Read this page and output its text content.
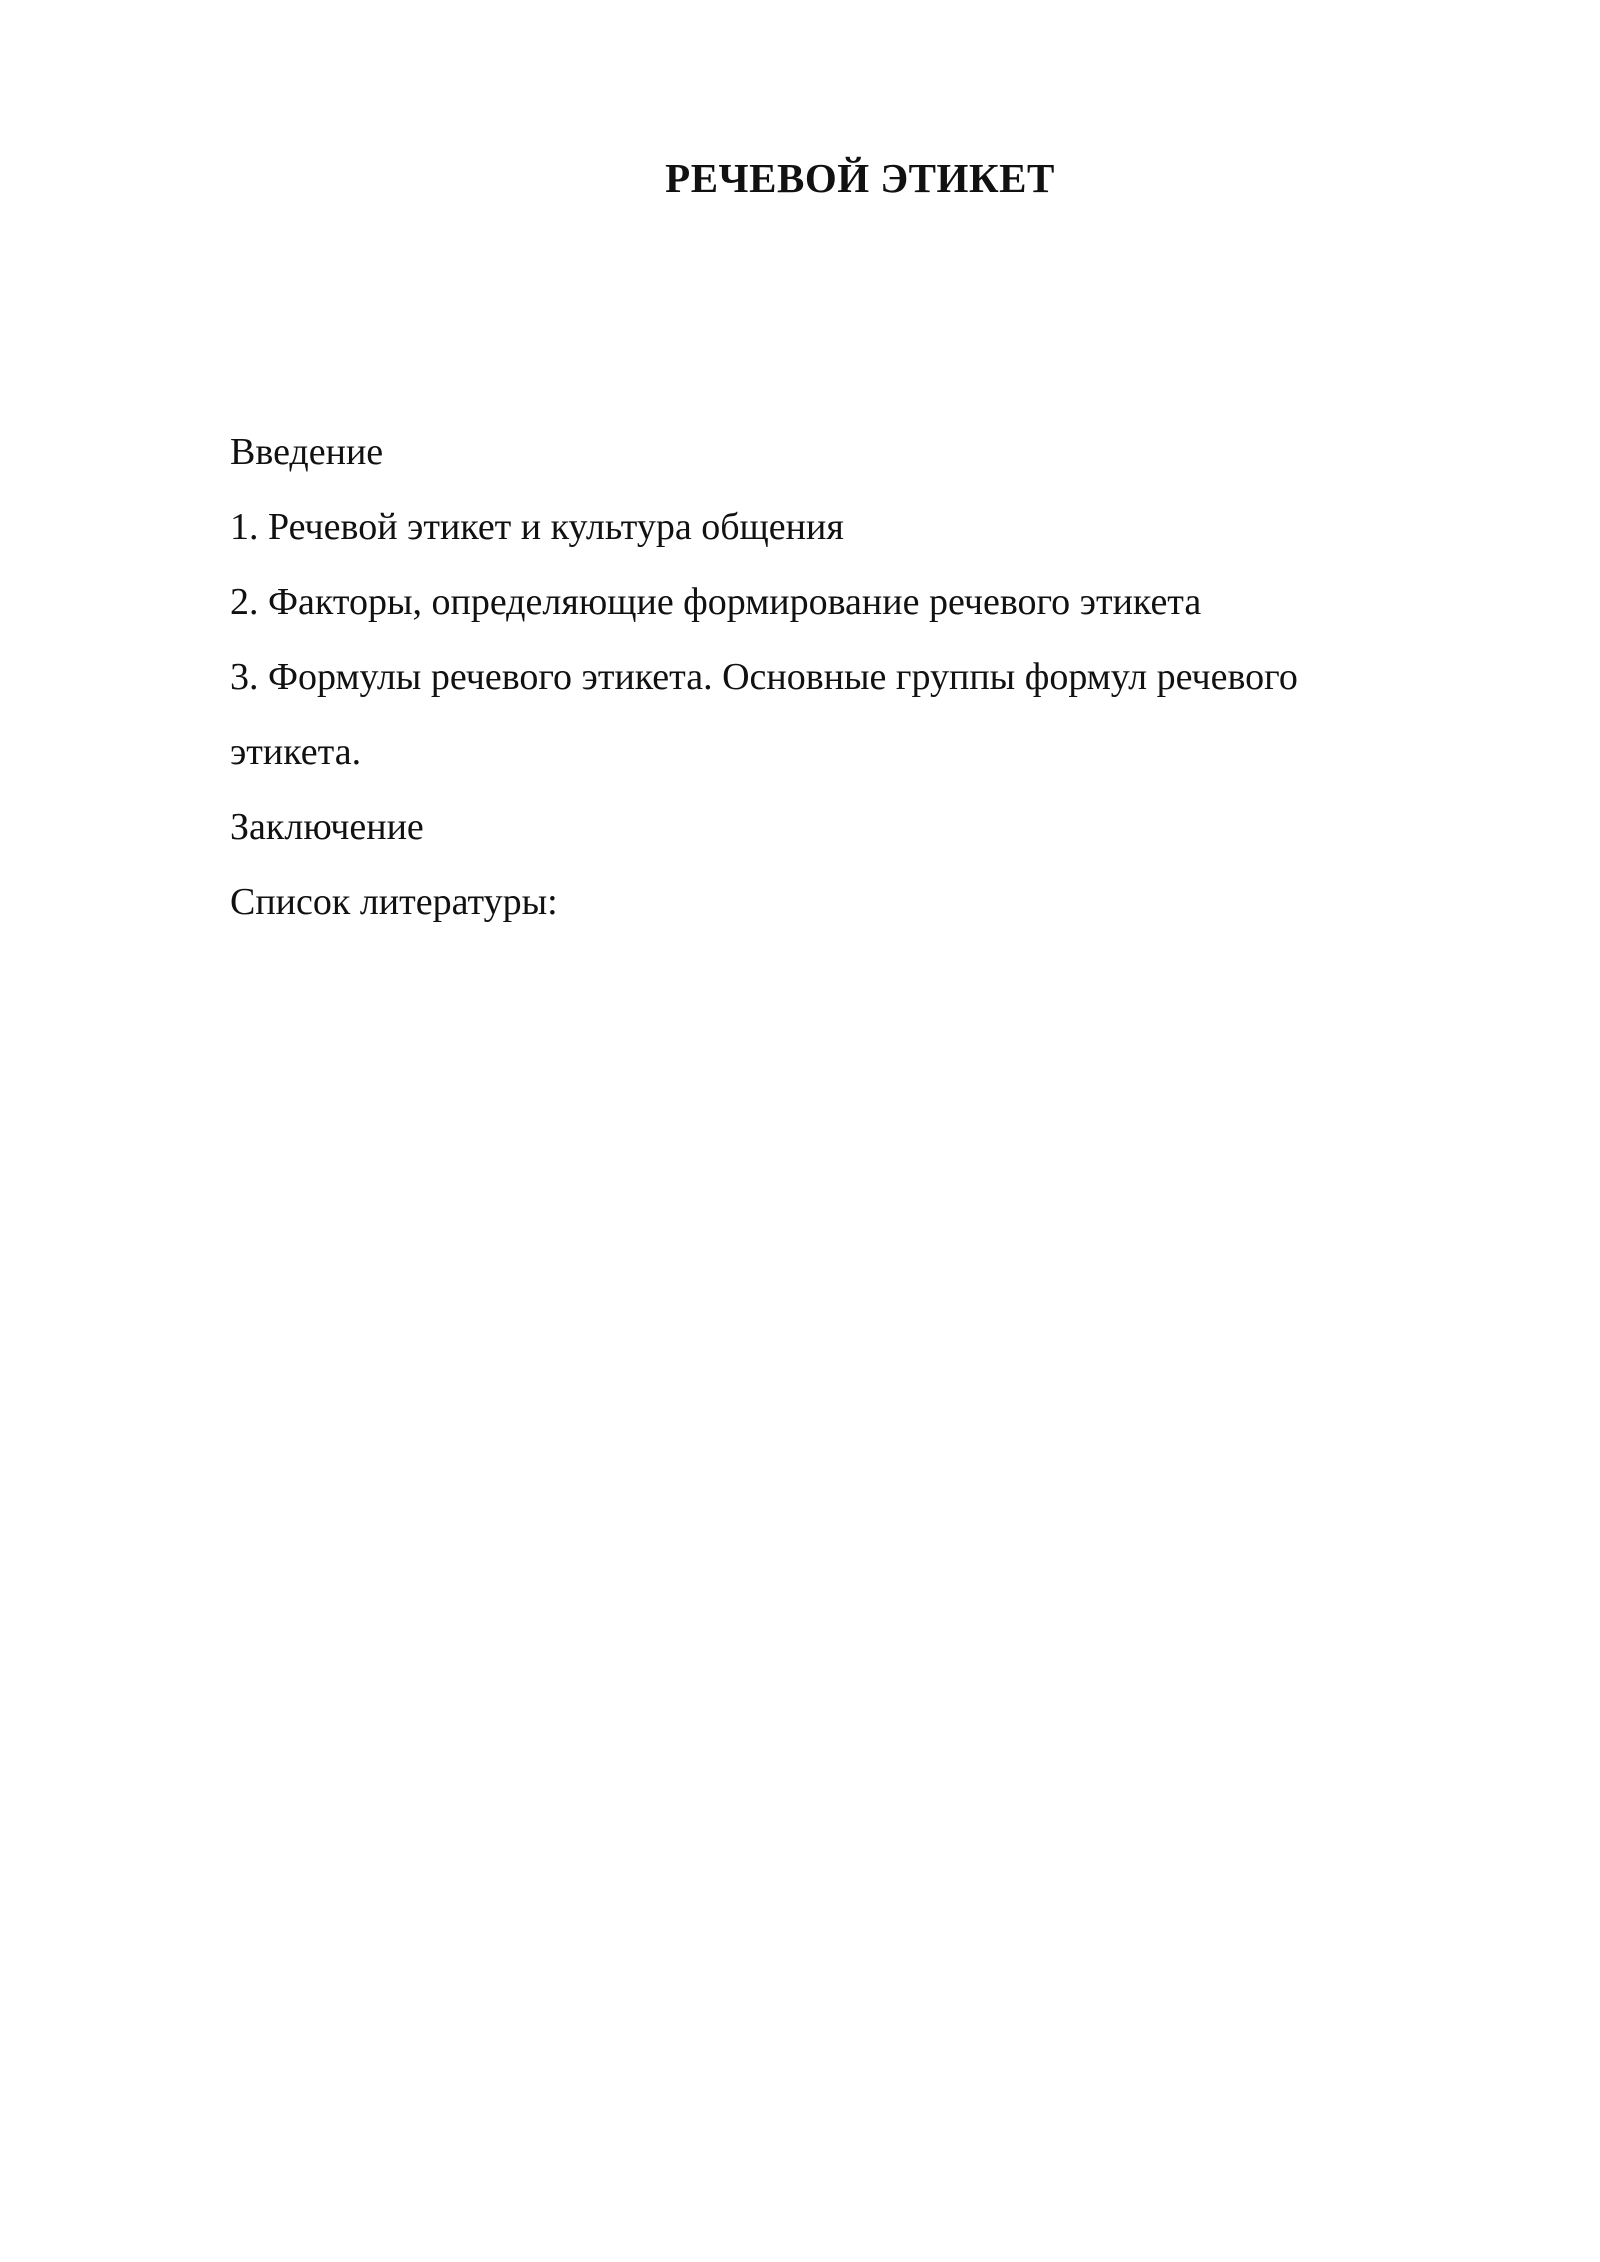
РЕЧЕВОЙ ЭТИКЕТ
Введение
1. Речевой этикет и культура общения
2. Факторы, определяющие формирование речевого этикета
3. Формулы речевого этикета. Основные группы формул речевого
этикета.
Заключение
Список литературы:
